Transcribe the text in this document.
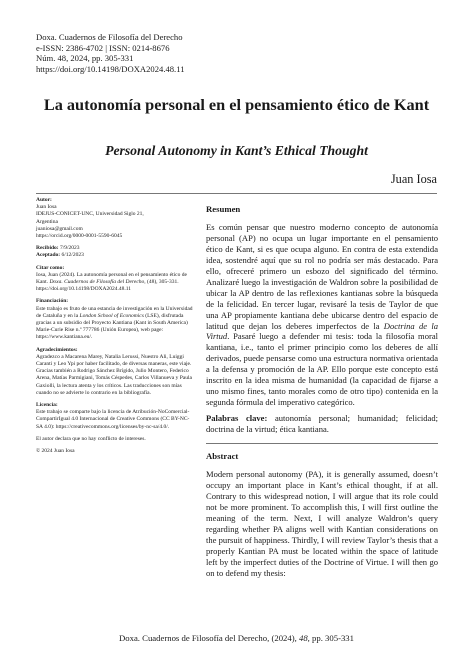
Doxa. Cuadernos de Filosofía del Derecho
e-ISSN: 2386-4702 | ISSN: 0214-8676
Núm. 48, 2024, pp. 305-331
https://doi.org/10.14198/DOXA2024.48.11
La autonomía personal en el pensamiento ético de Kant
Personal Autonomy in Kant’s Ethical Thought
Juan Iosa

Autor:

Juan Iosa

IDEJUS-CONICET-UNC, Universidad Siglo 21,

Argentina

juaniosa@gmail.com

https://orcid.org/0000-0001-5590-6045

Recibido: 7/9/2023

Aceptado: 6/12/2023

Citar como:

Iosa, Juan (2024). La autonomía personal en el pensamiento ético de Kant. Doxa. Cuadernos de Filosofía del Derecho, (48), 305-331. https://doi.org/10.14198/DOXA2024.48.11

Financiación:

Este trabajo es fruto de una estancia de investigación en la Universidad de Cataluña y en la London School of Economics (LSE), disfrutada gracias a un subsidio del Proyecto Kantiana (Kant in South America) Marie-Curie Rise n.º 777786 (Unión Europea), web page: https://www.kantiana.eu/.

Agradecimientos:

Agradezco a Macarena Marey, Natalia Lerussi, Nuestro Ali, Luiggi Caranti y Leo Ypi por haber facilitado, de diversas maneras, este viaje. Gracias también a Rodrigo Sánchez Brígido, Julio Montero, Federico Arena, Matías Parmigiani, Tomás Céspedes, Carlos Villanueva y Paula Gaxiolli, la lectura atenta y los críticos. Las traducciones son mías cuando no se advierte lo contrario en la bibliografía.

Licencia:

Este trabajo se comparte bajo la licencia de Atribución-NoComercial-CompartirIgual 4.0 Internacional de Creative Commons (CC BY-NC-SA 4.0): https://creativecommons.org/licenses/by-nc-sa/4.0/.

El autor declara que no hay conflicto de intereses.
© 2024 Juan Iosa
Resumen

Es común pensar que nuestro moderno concepto de autonomía personal (AP) no ocupa un lugar importante en el pensamiento ético de Kant, si es que ocupa alguno. En contra de esta extendida idea, sostendré aquí que su rol no podría ser más destacado. Para ello, ofreceré primero un esbozo del significado del término. Analizaré luego la investigación de Waldron sobre la posibilidad de ubicar la AP dentro de las reflexiones kantianas sobre la búsqueda de la felicidad. En tercer lugar, revisaré la tesis de Taylor de que una AP propiamente kantiana debe ubicarse dentro del espacio de latitud que dejan los deberes imperfectos de la Doctrina de la Virtud. Pasaré luego a defender mi tesis: toda la filosofía moral kantiana, i.e., tanto el primer principio como los deberes de allí derivados, puede pensarse como una estructura normativa orientada a la defensa y promoción de la AP. Ello porque este concepto está inscrito en la idea misma de humanidad (la capacidad de fijarse a uno mismo fines, tanto morales como de otro tipo) contenida en la segunda fórmula del imperativo categórico.

Palabras clave: autonomía personal; humanidad; felicidad; doctrina de la virtud; ética kantiana.

Abstract

Modern personal autonomy (PA), it is generally assumed, doesn’t occupy an important place in Kant’s ethical thought, if at all. Contrary to this widespread notion, I will argue that its role could not be more prominent. To accomplish this, I will first outline the meaning of the term. Next, I will analyze Waldron’s query regarding whether PA aligns well with Kantian considerations on the pursuit of happiness. Thirdly, I will review Taylor’s thesis that a properly Kantian PA must be located within the space of latitude left by the imperfect duties of the Doctrine of Virtue. I will then go on to defend my thesis:

Doxa. Cuadernos de Filosofía del Derecho, (2024), 48, pp. 305-331
